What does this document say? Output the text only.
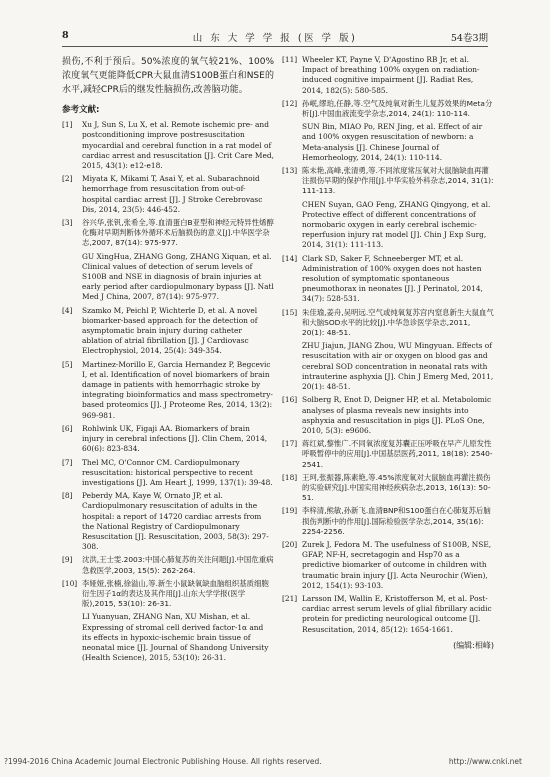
8	山 东 大 学 学 报 (医 学 版)	54卷3期

损伤,不利于预后。50%浓度的氧气较21%、100%浓度氧气更能降低CPR大鼠血清S100B蛋白和NSE的水平,减轻CPR后的继发性脑损伤,改善脑功能。

参考文献:
[1] Xu J, Sun S, Lu X, et al. Remote ischemic pre- and postconditioning improve postresuscitation myocardial and cerebral function in a rat model of cardiac arrest and resuscitation [J]. Crit Care Med, 2015, 43(1): e12-e18.
[2] Miyata K, Mikami T, Asai Y, et al. Subarachnoid hemorrhage from resuscitation from out-of-hospital cardiac arrest [J]. J Stroke Cerebrovasc Dis, 2014, 23(5): 446-452.
[3] 谷兴华,张钒,张希全,等.血清蛋白B亚型和神经元特异性烯醇化酶对早期判断体外循环术后脑损伤的意义[J].中华医学杂志,2007, 87(14): 975-977.
GU XingHua, ZHANG Gong, ZHANG Xiquan, et al. Clinical values of detection of serum levels of S100B and NSE in diagnosis of brain injuries at early period after cardiopulmonary bypass [J]. Natl Med J China, 2007, 87(14): 975-977.
[4] Szamko M, Peichl P, Wichterle D, et al. A novel biomarker-based approach for the detection of asymptomatic brain injury during catheter ablation of atrial fibrillation [J]. J Cardiovasc Electrophysiol, 2014, 25(4): 349-354.
[5] Martinez-Morillo E, Garcia Hernandez P, Begcevic I, et al. Identification of novel biomarkers of brain damage in patients with hemorrhagic stroke by integrating bioinformatics and mass spectrometry-based proteomics [J]. J Proteome Res, 2014, 13(2): 969-981.
[6] Rohlwink UK, Figaji AA. Biomarkers of brain injury in cerebral infections [J]. Clin Chem, 2014, 60(6): 823-834.
[7] Thel MC, O'Connor CM. Cardiopulmonary resuscitation: historical perspective to recent investigations [J]. Am Heart J, 1999, 137(1): 39-48.
[8] Peberdy MA, Kaye W, Ornato JP, et al. Cardiopulmonary resuscitation of adults in the hospital: a report of 14720 cardiac arrests from the National Registry of Cardiopulmonary Resuscitation [J]. Resuscitation, 2003, 58(3): 297-308.
[9] 沈洪,王士雯.2003:中国心肺复苏的关注问题[J].中国危重病急救医学,2003, 15(5): 262-264.
[10] 李娅娅,张楠,徐溢山,等.新生小鼠缺氧缺血脑组织基质细胞衍生因子1α的表达及其作用[J].山东大学学报(医学版),2015, 53(10): 26-31.
LI Yuanyuan, ZHANG Nan, XU Mishan, et al. Expressing of stromal cell derived factor-1α and its effects in hypoxic-ischemic brain tissue of neonatal mice [J]. Journal of Shandong University (Health Science), 2015, 53(10): 26-31.
[11] Wheeler KT, Payne V, D'Agostino RB Jr, et al. Impact of breathing 100% oxygen on radiation-induced cognitive impairment [J]. Radiat Res, 2014, 182(5): 580-585.
[12] 孙岷,缪珀,任静,等.空气及纯氧对新生儿复苏效果的Meta分析[J].中国血液流变学杂志,2014, 24(1): 110-114.
SUN Bin, MIAO Po, REN Jing, et al. Effect of air and 100% oxygen resuscitation of newborn: a Meta-analysis [J]. Chinese Journal of Hemorheology, 2014, 24(1): 110-114.
[13] 陈未艳,高峰,张清勇,等.不同浓度常压氧对大鼠脑缺血再灌注损伤早期的保护作用[J].中华实验外科杂志,2014, 31(1): 111-113.
CHEN Suyan, GAO Feng, ZHANG Qingyong, et al. Protective effect of different concentrations of normobaric oxygen in early cerebral ischemic-reperfusion injury rat model [J]. Chin J Exp Surg, 2014, 31(1): 111-113.
[14] Clark SD, Saker F, Schneeberger MT, et al. Administration of 100% oxygen does not hasten resolution of symptomatic spontaneous pneumothorax in neonates [J]. J Perinatol, 2014, 34(7): 528-531.
[15] 朱佳瑜,姜舟,吴明远.空气或纯氧复苏宫内窒息新生大鼠血气和大脑SOD水平的比较[J].中华急诊医学杂志,2011, 20(1): 48-51.
ZHU Jiajun, JIANG Zhou, WU Mingyuan. Effects of resuscitation with air or oxygen on blood gas and cerebral SOD concentration in neonatal rats with intrauterine asphyxia [J]. Chin J Emerg Med, 2011, 20(1): 48-51.
[16] Solberg R, Enot D, Deigner HP, et al. Metabolomic analyses of plasma reveals new insights into asphyxia and resuscitation in pigs [J]. PLoS One, 2010, 5(3): e9606.
[17] 蒋红斌,黎惟广.不同氧浓度复苏囊正压呼吸在早产儿原发性呼吸暂停中的应用[J].中国基层医药,2011, 18(18): 2540-2541.
[18] 王珂,张振器,陈素艳,等.45%浓度氧对大鼠脑血再灌注损伤的实验研究[J].中国实用神经疾病杂志,2013, 16(13): 50-51.
[19] 李梓清,熊敏,孙新飞.血清BNP和S100蛋白在心肺复苏后脑损伤判断中的作用[J].国际检验医学杂志,2014, 35(16): 2254-2256.
[20] Zurek J, Fedora M. The usefulness of S100B, NSE, GFAP, NF-H, secretagogin and Hsp70 as a predictive biomarker of outcome in children with traumatic brain injury [J]. Acta Neurochir (Wien), 2012, 154(1): 93-103.
[21] Larsson IM, Wallin E, Kristofferson M, et al. Post-cardiac arrest serum levels of glial fibrillary acidic protein for predicting neurological outcome [J]. Resuscitation, 2014, 85(12): 1654-1661.
(编辑:相峰)
?1994-2016 China Academic Journal Electronic Publishing House. All rights reserved.	http://www.cnki.net
